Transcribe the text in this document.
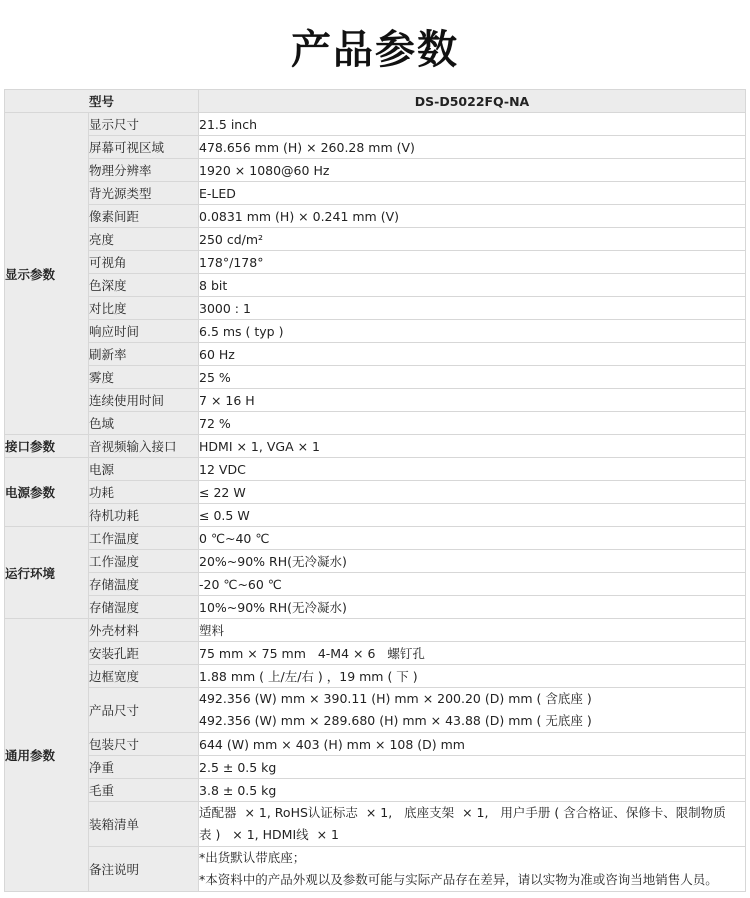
产品参数
型号		DS-D5022FQ-NA
显示参数	显示尺寸	21.5 inch
	屏幕可视区域	478.656 mm (H) × 260.28 mm (V)
	物理分辨率	1920 × 1080@60 Hz
	背光源类型	E-LED
	像素间距	0.0831 mm (H) × 0.241 mm (V)
	亮度	250 cd/m²
	可视角	178°/178°
	色深度	8 bit
	对比度	3000 : 1
	响应时间	6.5 ms ( typ )
	刷新率	60 Hz
	雾度	25 %
	连续使用时间	7 × 16 H
	色域	72 %
接口参数	音视频输入接口	HDMI × 1, VGA × 1
电源参数	电源	12 VDC
	功耗	≤ 22 W
	待机功耗	≤ 0.5 W
运行环境	工作温度	0 ℃~40 ℃
	工作湿度	20%~90% RH(无冷凝水)
	存储温度	-20 ℃~60 ℃
	存储湿度	10%~90% RH(无冷凝水)
通用参数	外壳材料	塑料
	安装孔距	75 mm × 75 mm   4-M4 × 6   螺钉孔
	边框宽度	1.88 mm ( 上/左/右 ) ，19 mm ( 下 )
	产品尺寸	492.356 (W) mm × 390.11 (H) mm × 200.20 (D) mm ( 含底座 )
492.356 (W) mm × 289.680 (H) mm × 43.88 (D) mm ( 无底座 )

	包装尺寸	644 (W) mm × 403 (H) mm × 108 (D) mm
	净重	2.5 ± 0.5 kg
	毛重	3.8 ± 0.5 kg
	装箱清单	适配器  × 1, RoHS认证标志  × 1,   底座支架  × 1,   用户手册 ( 含合格证、保修卡、限制物质
表 )   × 1, HDMI线  × 1

	备注说明	*出货默认带底座；
*本资料中的产品外观以及参数可能与实际产品存在差异，请以实物为准或咨询当地销售人员。
